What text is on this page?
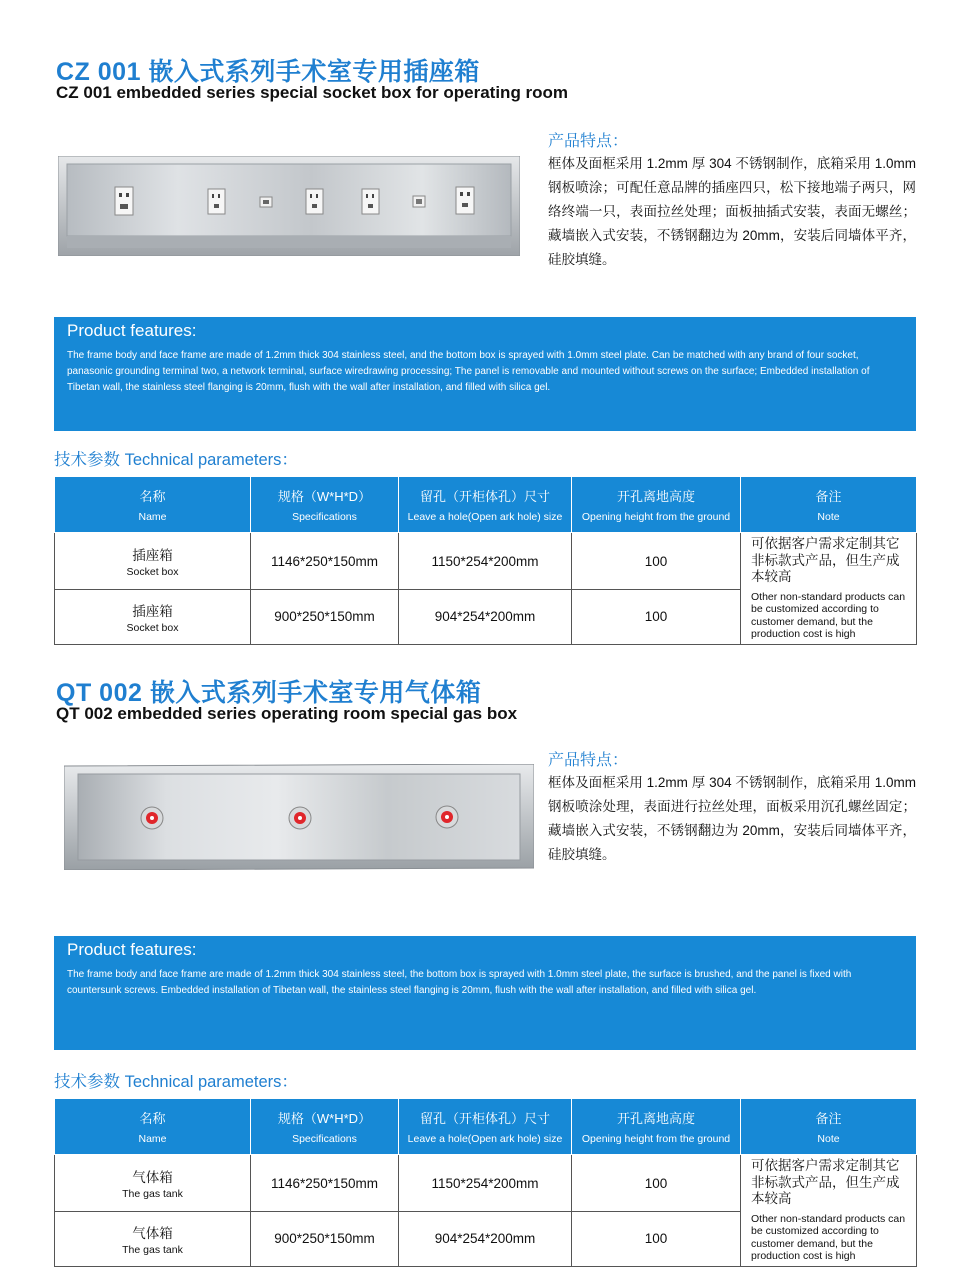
CZ 001 嵌入式系列手术室专用插座箱
CZ 001 embedded series special socket box for operating room
产品特点：
框体及面框采用 1.2mm 厚 304 不锈钢制作，底箱采用 1.0mm 钢板喷涂；可配任意品牌的插座四只，松下接地端子两只，网络终端一只，表面拉丝处理；面板抽插式安装，表面无螺丝；藏墙嵌入式安装，不锈钢翻边为 20mm，安装后同墙体平齐，硅胶填缝。
Product features:
The frame body and face frame are made of 1.2mm thick 304 stainless steel, and the bottom box is sprayed with 1.0mm steel plate. Can be matched with any brand of four socket, panasonic grounding terminal two, a network terminal, surface wiredrawing processing; The panel is removable and mounted without screws on the surface; Embedded installation of Tibetan wall, the stainless steel flanging is 20mm, flush with the wall after installation, and filled with silica gel.
技术参数 Technical parameters：
名称
Name	规格（W*H*D）
Specifications	留孔（开柜体孔）尺寸
Leave a hole(Open ark hole) size	开孔离地高度
Opening height from the ground	备注
Note

插座箱
Socket box	1146*250*150mm	1150*254*200mm	100	可依据客户需求定制其它非标款式产品，但生产成本较高
Other non-standard products can be customized according to customer demand, but the production cost is high

插座箱
Socket box	900*250*150mm	904*254*200mm	100	
QT 002 嵌入式系列手术室专用气体箱
QT 002 embedded series operating room special gas box
产品特点：
框体及面框采用 1.2mm 厚 304 不锈钢制作，底箱采用 1.0mm 钢板喷涂处理，表面进行拉丝处理，面板采用沉孔螺丝固定；藏墙嵌入式安装，不锈钢翻边为 20mm，安装后同墙体平齐，硅胶填缝。
Product features:
The frame body and face frame are made of 1.2mm thick 304 stainless steel, the bottom box is sprayed with 1.0mm steel plate, the surface is brushed, and the panel is fixed with countersunk screws. Embedded installation of Tibetan wall, the stainless steel flanging is 20mm, flush with the wall after installation, and filled with silica gel.
技术参数 Technical parameters：
名称
Name	规格（W*H*D）
Specifications	留孔（开柜体孔）尺寸
Leave a hole(Open ark hole) size	开孔离地高度
Opening height from the ground	备注
Note

气体箱
The gas tank	1146*250*150mm	1150*254*200mm	100	可依据客户需求定制其它非标款式产品，但生产成本较高
Other non-standard products can be customized according to customer demand, but the production cost is high

气体箱
The gas tank	900*250*150mm	904*254*200mm	100	
